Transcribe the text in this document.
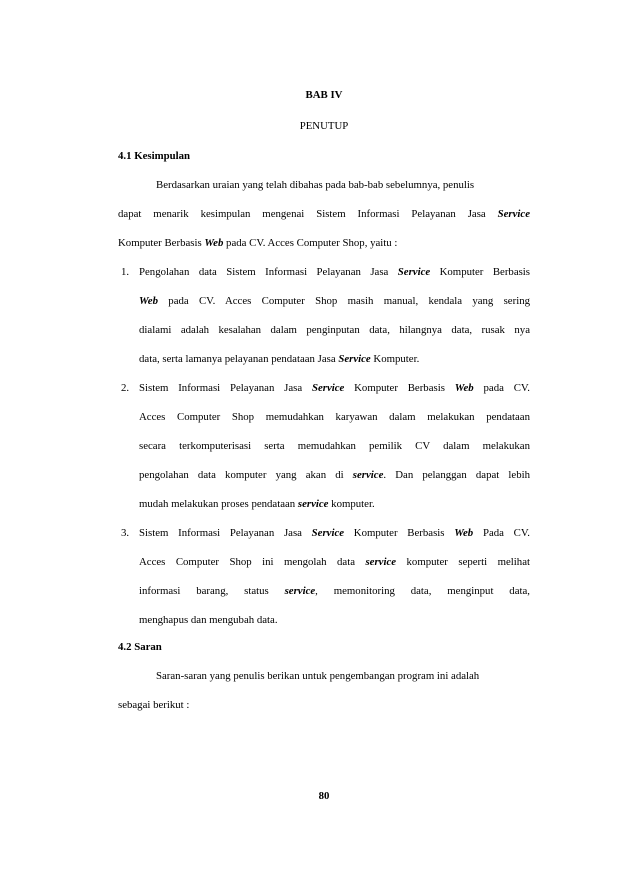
BAB IV
PENUTUP
4.1 Kesimpulan
Berdasarkan uraian yang telah dibahas pada bab-bab sebelumnya, penulis
dapat menarik kesimpulan mengenai Sistem Informasi Pelayanan Jasa Service
Komputer Berbasis Web pada CV. Acces Computer Shop, yaitu :
1. Pengolahan data Sistem Informasi Pelayanan Jasa Service Komputer Berbasis
Web pada CV. Acces Computer Shop masih manual, kendala yang sering
dialami adalah kesalahan dalam penginputan data, hilangnya data, rusak nya
data, serta lamanya pelayanan pendataan Jasa Service Komputer.
2. Sistem Informasi Pelayanan Jasa Service Komputer Berbasis Web pada CV.
Acces Computer Shop memudahkan karyawan dalam melakukan pendataan
secara terkomputerisasi serta memudahkan pemilik CV dalam melakukan
pengolahan data komputer yang akan di service. Dan pelanggan dapat lebih
mudah melakukan proses pendataan service komputer.
3. Sistem Informasi Pelayanan Jasa Service Komputer Berbasis Web Pada CV.
Acces Computer Shop ini mengolah data service komputer seperti melihat
informasi barang, status service, memonitoring data, menginput data,
menghapus dan mengubah data.
4.2 Saran
Saran-saran yang penulis berikan untuk pengembangan program ini adalah
sebagai berikut :
80
